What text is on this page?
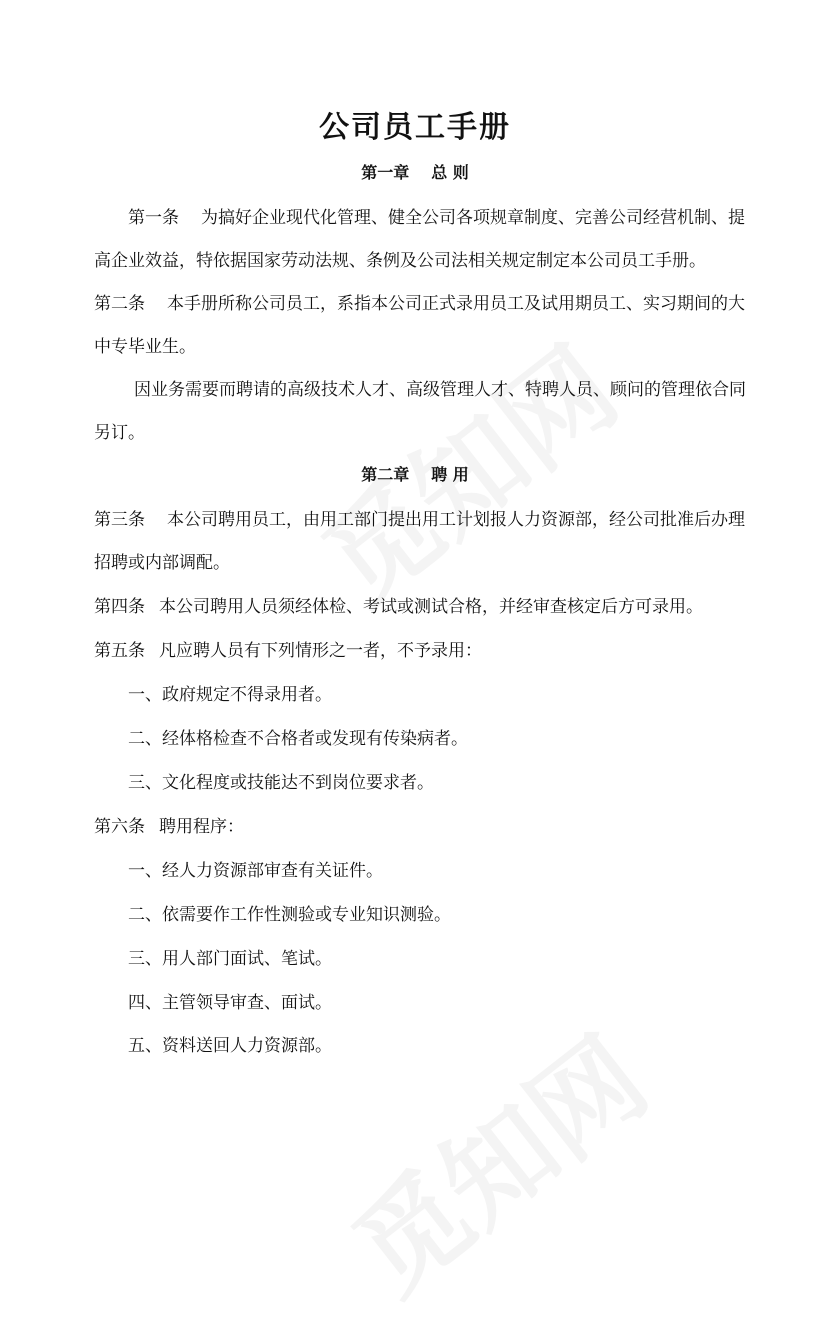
公司员工手册
第一章 总 则
第一条 为搞好企业现代化管理、健全公司各项规章制度、完善公司经营机制、提
高企业效益，特依据国家劳动法规、条例及公司法相关规定制定本公司员工手册。
第二条 本手册所称公司员工，系指本公司正式录用员工及试用期员工、实习期间的大
中专毕业生。
因业务需要而聘请的高级技术人才、高级管理人才、特聘人员、顾问的管理依合同
另订。
第二章 聘 用
第三条 本公司聘用员工，由用工部门提出用工计划报人力资源部，经公司批准后办理
招聘或内部调配。
第四条 本公司聘用人员须经体检、考试或测试合格，并经审查核定后方可录用。
第五条 凡应聘人员有下列情形之一者，不予录用：
一、政府规定不得录用者。
二、经体格检查不合格者或发现有传染病者。
三、文化程度或技能达不到岗位要求者。
第六条 聘用程序：
一、经人力资源部审查有关证件。
二、依需要作工作性测验或专业知识测验。
三、用人部门面试、笔试。
四、主管领导审查、面试。
五、资料送回人力资源部。
